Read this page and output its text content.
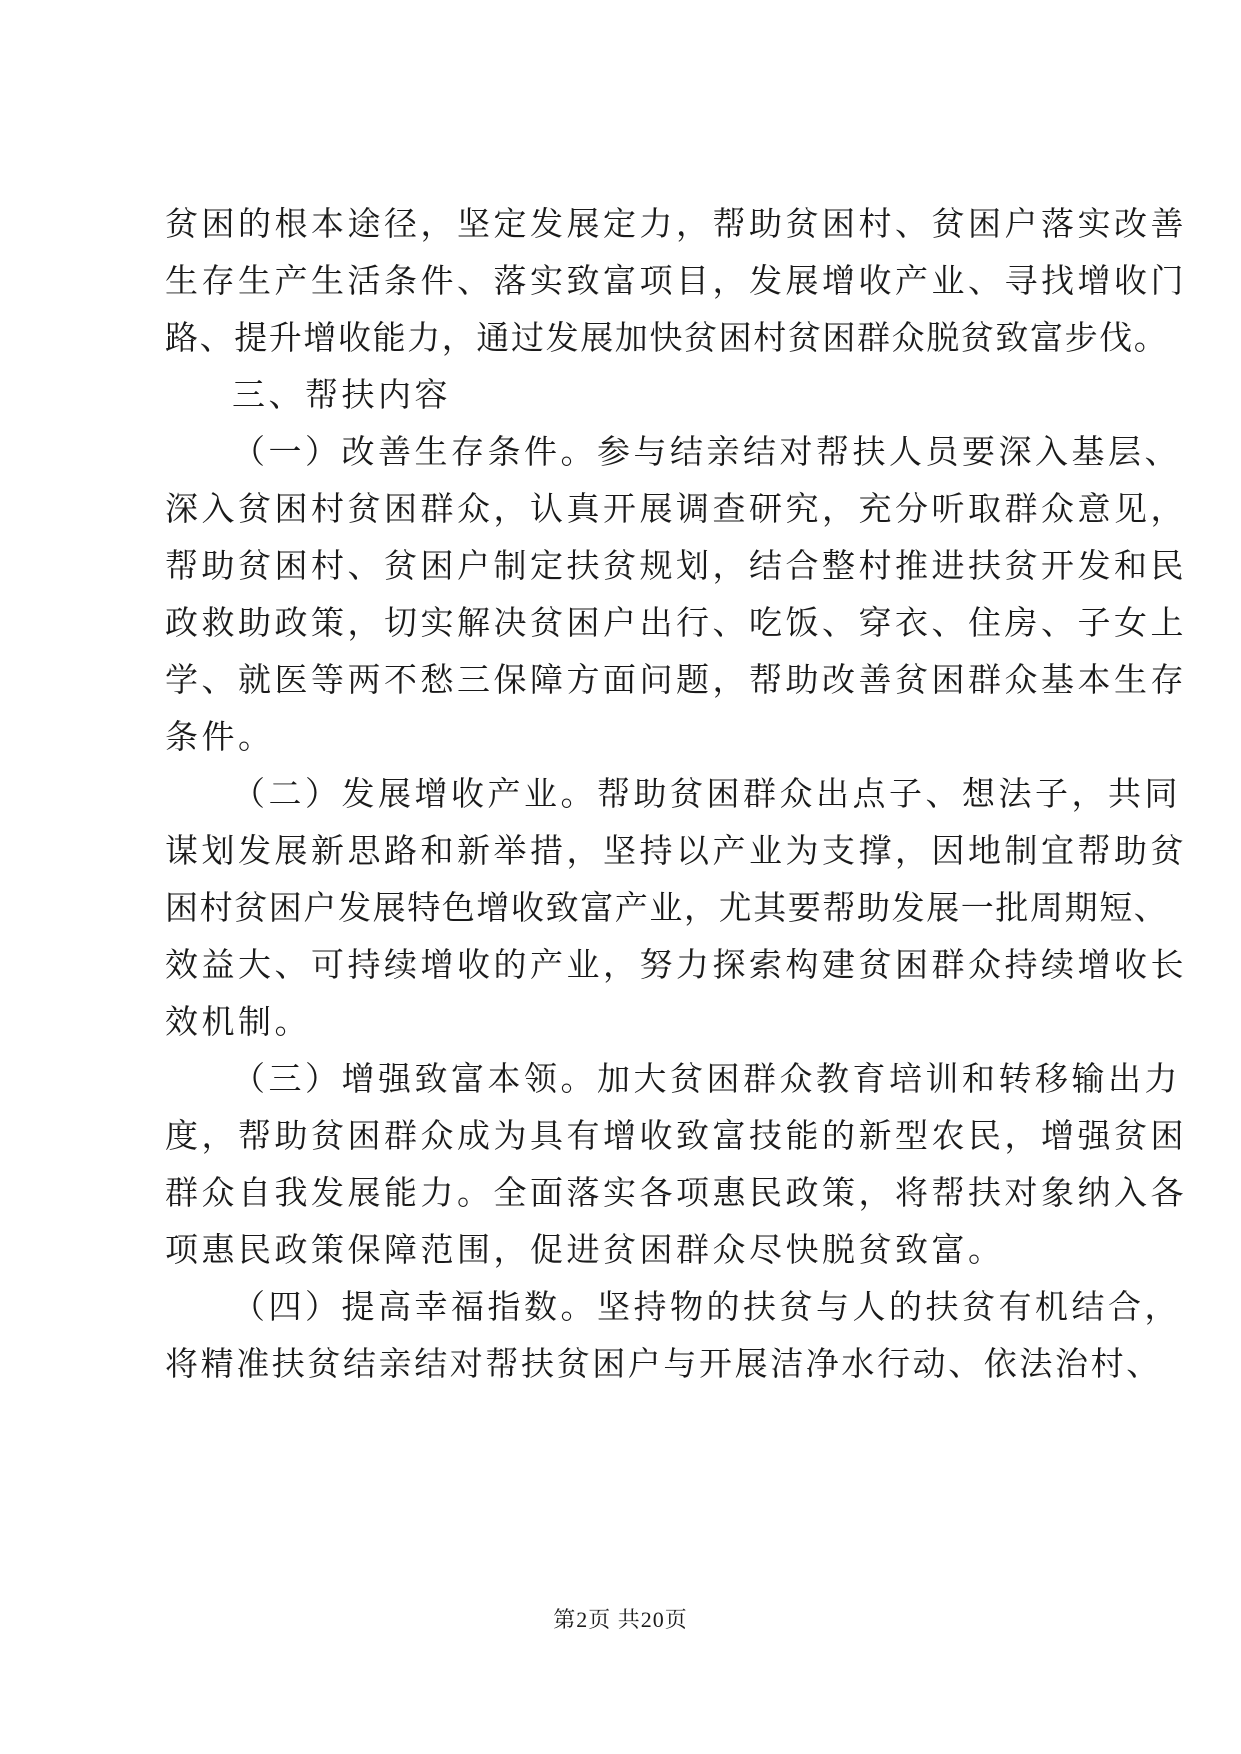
贫困的根本途径，坚定发展定力，帮助贫困村、贫困户落实改善
生存生产生活条件、落实致富项目，发展增收产业、寻找增收门
路、提升增收能力，通过发展加快贫困村贫困群众脱贫致富步伐。
三、帮扶内容
（一）改善生存条件。参与结亲结对帮扶人员要深入基层、
深入贫困村贫困群众，认真开展调查研究，充分听取群众意见，
帮助贫困村、贫困户制定扶贫规划，结合整村推进扶贫开发和民
政救助政策，切实解决贫困户出行、吃饭、穿衣、住房、子女上
学、就医等两不愁三保障方面问题，帮助改善贫困群众基本生存
条件。
（二）发展增收产业。帮助贫困群众出点子、想法子，共同
谋划发展新思路和新举措，坚持以产业为支撑，因地制宜帮助贫
困村贫困户发展特色增收致富产业，尤其要帮助发展一批周期短、
效益大、可持续增收的产业，努力探索构建贫困群众持续增收长
效机制。
（三）增强致富本领。加大贫困群众教育培训和转移输出力
度，帮助贫困群众成为具有增收致富技能的新型农民，增强贫困
群众自我发展能力。全面落实各项惠民政策，将帮扶对象纳入各
项惠民政策保障范围，促进贫困群众尽快脱贫致富。
（四）提高幸福指数。坚持物的扶贫与人的扶贫有机结合，
将精准扶贫结亲结对帮扶贫困户与开展洁净水行动、依法治村、
第2页 共20页
